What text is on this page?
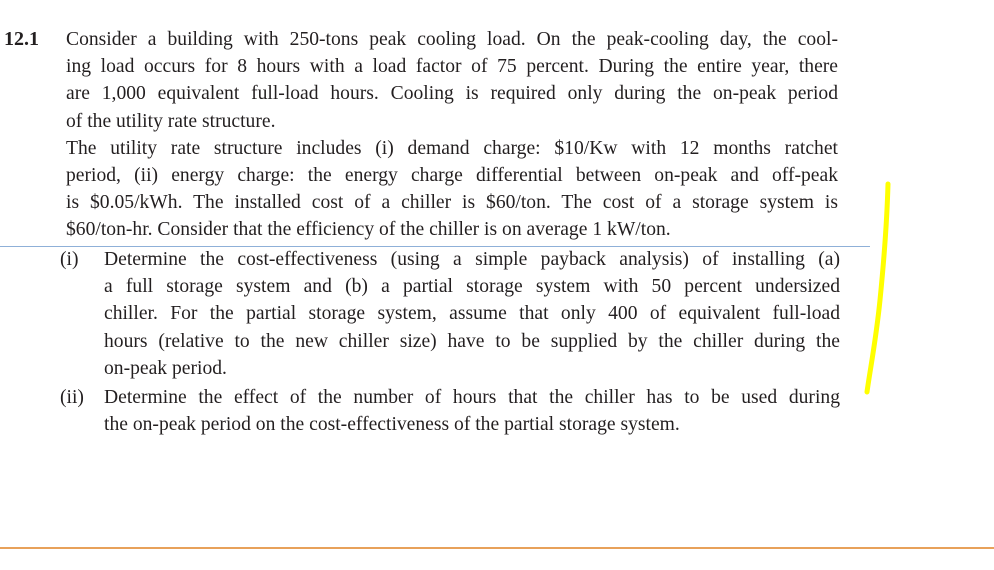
12.1 Consider a building with 250-tons peak cooling load. On the peak-cooling day, the cool-
ing load occurs for 8 hours with a load factor of 75 percent. During the entire year, there
are 1,000 equivalent full-load hours. Cooling is required only during the on-peak period
of the utility rate structure.
The utility rate structure includes (i) demand charge: $10/Kw with 12 months ratchet
period, (ii) energy charge: the energy charge differential between on-peak and off-peak
is $0.05/kWh. The installed cost of a chiller is $60/ton. The cost of a storage system is
$60/ton-hr. Consider that the efficiency of the chiller is on average 1 kW/ton.
(i) Determine the cost-effectiveness (using a simple payback analysis) of installing (a)
a full storage system and (b) a partial storage system with 50 percent undersized
chiller. For the partial storage system, assume that only 400 of equivalent full-load
hours (relative to the new chiller size) have to be supplied by the chiller during the
on-peak period.
(ii) Determine the effect of the number of hours that the chiller has to be used during
the on-peak period on the cost-effectiveness of the partial storage system.
